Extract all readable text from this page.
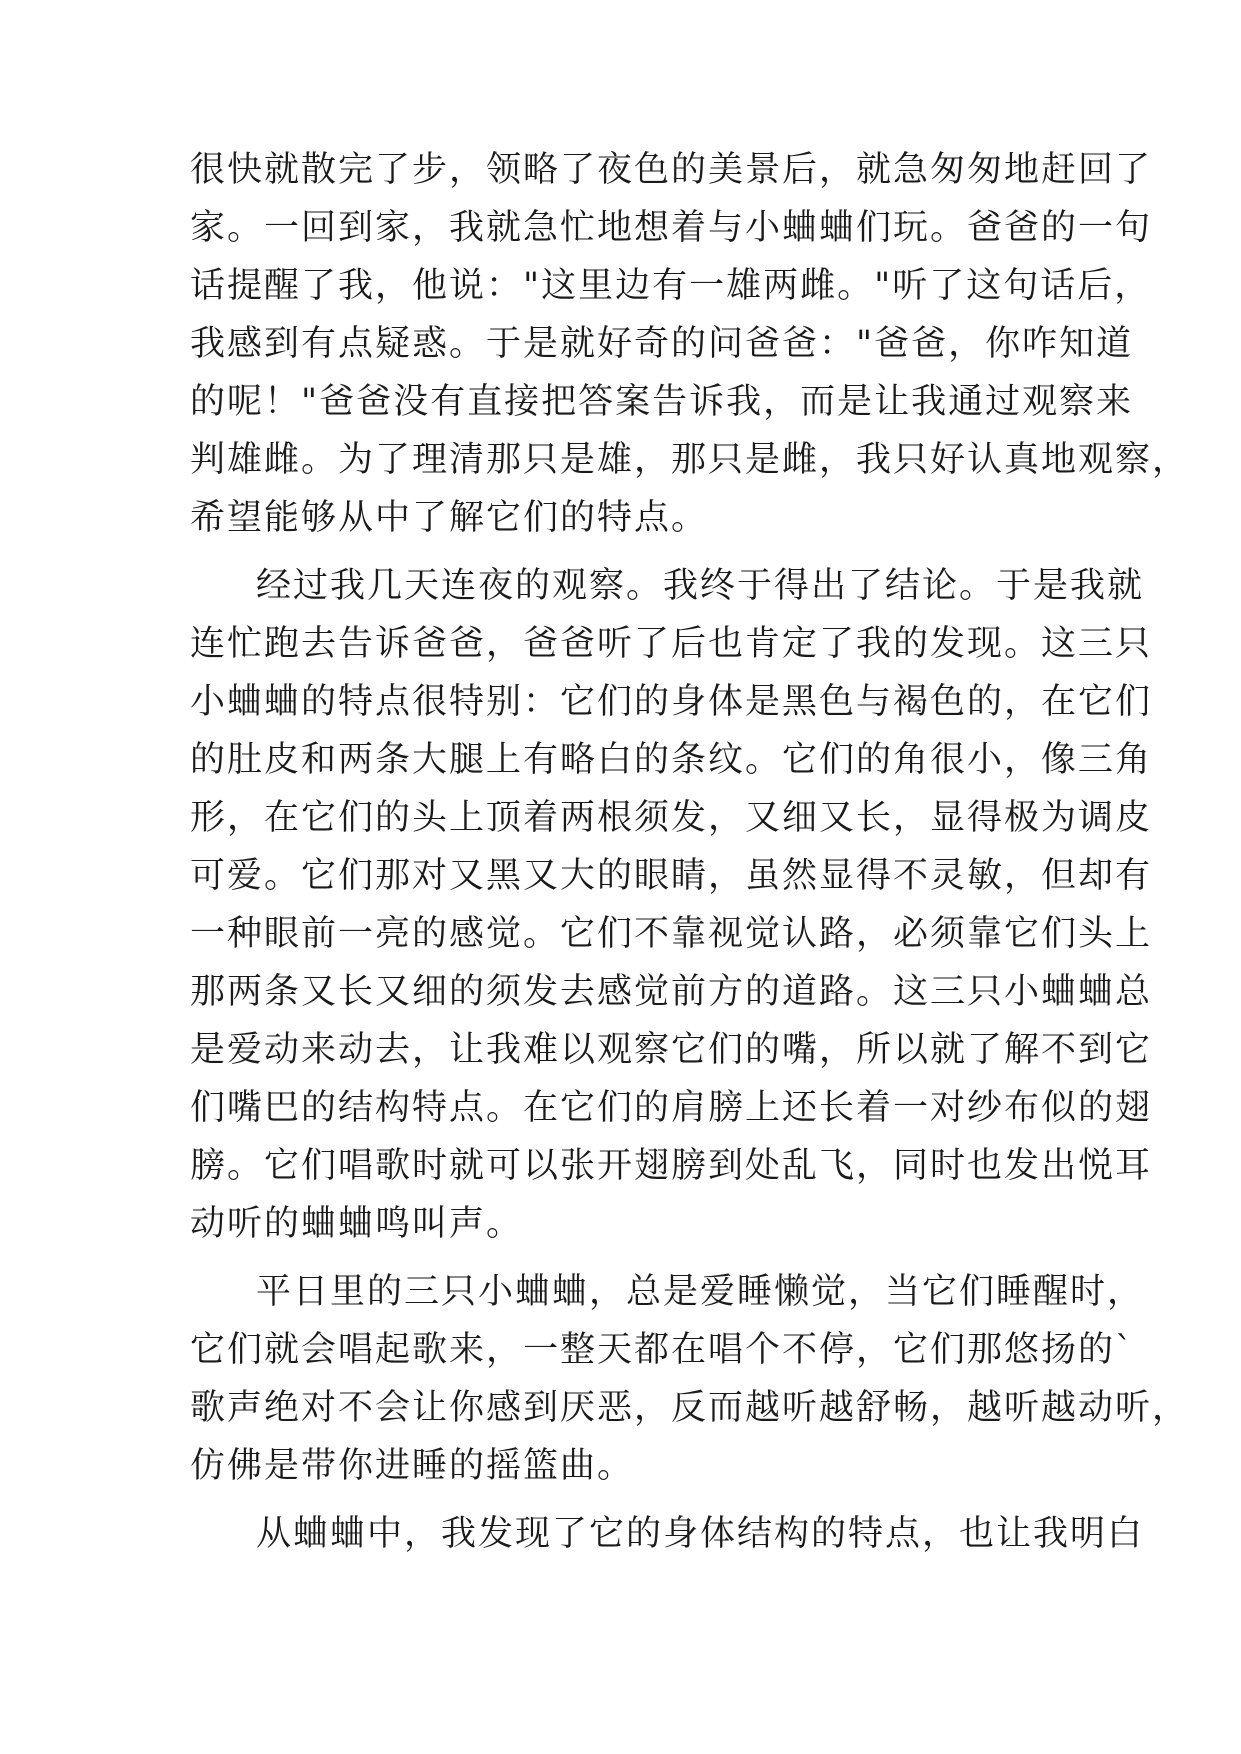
很快就散完了步，领略了夜色的美景后，就急匆匆地赶回了
家。一回到家，我就急忙地想着与小蛐蛐们玩。爸爸的一句
话提醒了我，他说："这里边有一雄两雌。"听了这句话后，
我感到有点疑惑。于是就好奇的问爸爸："爸爸，你咋知道
的呢！"爸爸没有直接把答案告诉我，而是让我通过观察来
判雄雌。为了理清那只是雄，那只是雌，我只好认真地观察，
希望能够从中了解它们的特点。
经过我几天连夜的观察。我终于得出了结论。于是我就
连忙跑去告诉爸爸，爸爸听了后也肯定了我的发现。这三只
小蛐蛐的特点很特别：它们的身体是黑色与褐色的，在它们
的肚皮和两条大腿上有略白的条纹。它们的角很小，像三角
形，在它们的头上顶着两根须发，又细又长，显得极为调皮
可爱。它们那对又黑又大的眼睛，虽然显得不灵敏，但却有
一种眼前一亮的感觉。它们不靠视觉认路，必须靠它们头上
那两条又长又细的须发去感觉前方的道路。这三只小蛐蛐总
是爱动来动去，让我难以观察它们的嘴，所以就了解不到它
们嘴巴的结构特点。在它们的肩膀上还长着一对纱布似的翅
膀。它们唱歌时就可以张开翅膀到处乱飞，同时也发出悦耳
动听的蛐蛐鸣叫声。
平日里的三只小蛐蛐，总是爱睡懒觉，当它们睡醒时，
它们就会唱起歌来，一整天都在唱个不停，它们那悠扬的`
歌声绝对不会让你感到厌恶，反而越听越舒畅，越听越动听，
仿佛是带你进睡的摇篮曲。
从蛐蛐中，我发现了它的身体结构的特点，也让我明白
